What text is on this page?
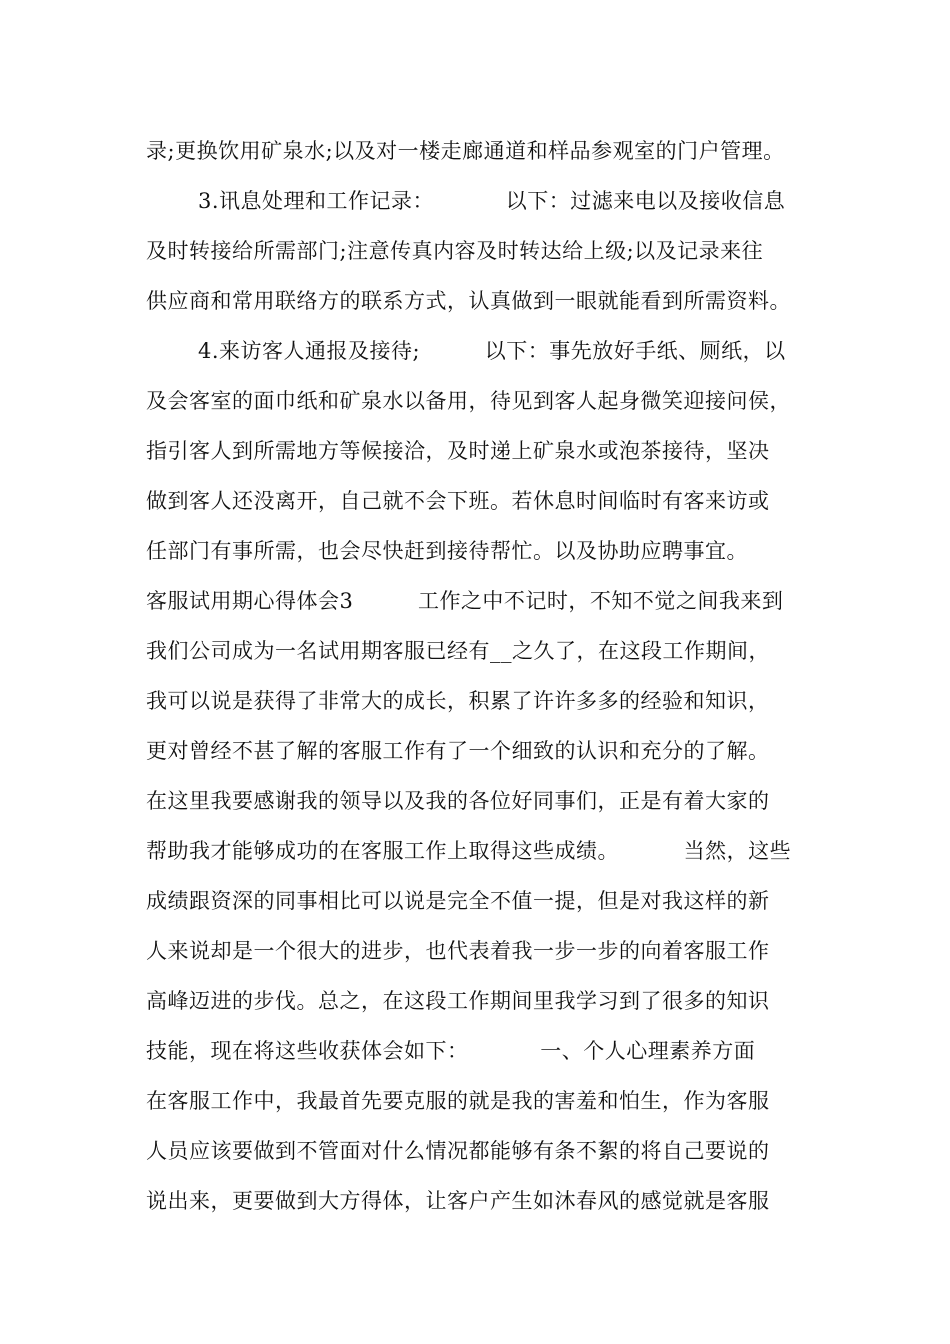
录;更换饮用矿泉水;以及对一楼走廊通道和样品参观室的门户管理。
3.讯息处理和工作记录：          以下：过滤来电以及接收信息
及时转接给所需部门;注意传真内容及时转达给上级;以及记录来往
供应商和常用联络方的联系方式，认真做到一眼就能看到所需资料。
4.来访客人通报及接待;         以下：事先放好手纸、厕纸，以
及会客室的面巾纸和矿泉水以备用，待见到客人起身微笑迎接问侯，
指引客人到所需地方等候接洽，及时递上矿泉水或泡茶接待，坚决
做到客人还没离开，自己就不会下班。若休息时间临时有客来访或
任部门有事所需，也会尽快赶到接待帮忙。以及协助应聘事宜。
客服试用期心得体会3         工作之中不记时，不知不觉之间我来到
我们公司成为一名试用期客服已经有__之久了，在这段工作期间，
我可以说是获得了非常大的成长，积累了许许多多的经验和知识，
更对曾经不甚了解的客服工作有了一个细致的认识和充分的了解。
在这里我要感谢我的领导以及我的各位好同事们，正是有着大家的
帮助我才能够成功的在客服工作上取得这些成绩。         当然，这些
成绩跟资深的同事相比可以说是完全不值一提，但是对我这样的新
人来说却是一个很大的进步，也代表着我一步一步的向着客服工作
高峰迈进的步伐。总之，在这段工作期间里我学习到了很多的知识
技能，现在将这些收获体会如下：          一、个人心理素养方面
在客服工作中，我最首先要克服的就是我的害羞和怕生，作为客服
人员应该要做到不管面对什么情况都能够有条不絮的将自己要说的
说出来，更要做到大方得体，让客户产生如沐春风的感觉就是客服
